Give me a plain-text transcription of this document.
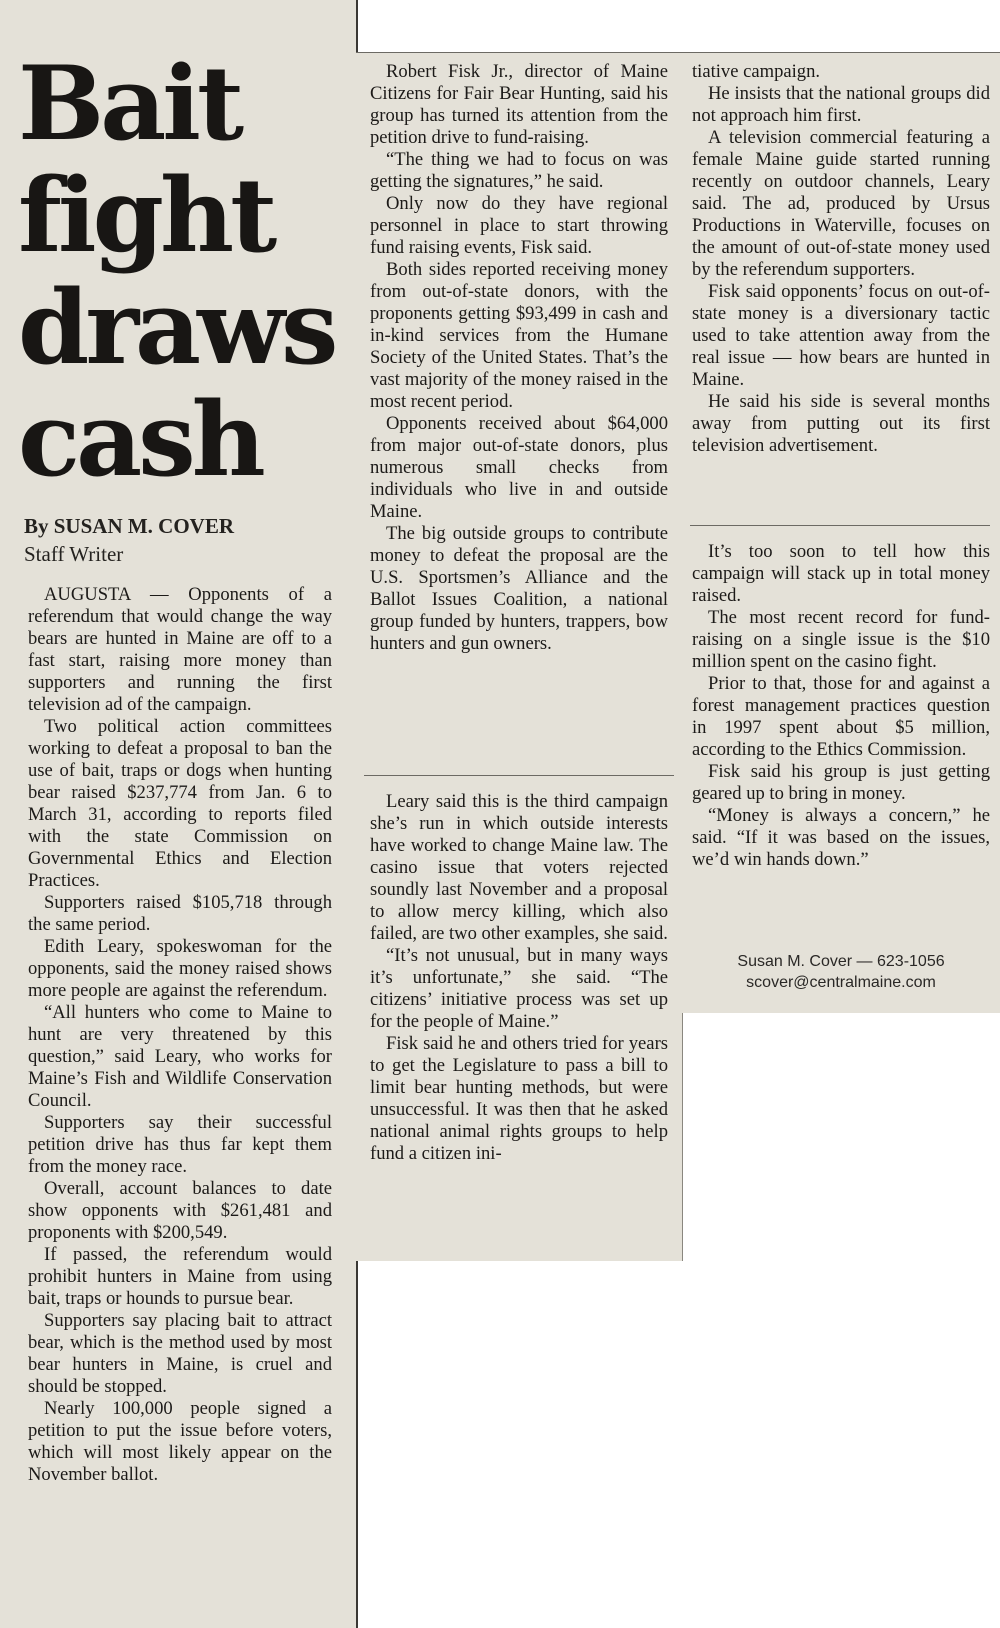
Bait fight draws cash
By SUSAN M. COVER
Staff Writer

AUGUSTA — Opponents of a referendum that would change the way bears are hunted in Maine are off to a fast start, raising more money than supporters and running the first television ad of the campaign.

Two political action committees working to defeat a proposal to ban the use of bait, traps or dogs when hunting bear raised $237,774 from Jan. 6 to March 31, according to reports filed with the state Commission on Governmental Ethics and Election Practices.

Supporters raised $105,718 through the same period.

Edith Leary, spokeswoman for the opponents, said the money raised shows more people are against the referendum.

“All hunters who come to Maine to hunt are very threatened by this question,” said Leary, who works for Maine’s Fish and Wildlife Conservation Council.

Supporters say their successful petition drive has thus far kept them from the money race.

Overall, account balances to date show opponents with $261,481 and proponents with $200,549.

If passed, the referendum would prohibit hunters in Maine from using bait, traps or hounds to pursue bear.

Supporters say placing bait to attract bear, which is the method used by most bear hunters in Maine, is cruel and should be stopped.

Nearly 100,000 people signed a petition to put the issue before voters, which will most likely appear on the November ballot.

Robert Fisk Jr., director of Maine Citizens for Fair Bear Hunting, said his group has turned its attention from the petition drive to fund-raising.

“The thing we had to focus on was getting the signatures,” he said.

Only now do they have regional personnel in place to start throwing fund raising events, Fisk said.

Both sides reported receiving money from out-of-state donors, with the proponents getting $93,499 in cash and in-kind services from the Humane Society of the United States. That’s the vast majority of the money raised in the most recent period.

Opponents received about $64,000 from major out-of-state donors, plus numerous small checks from individuals who live in and outside Maine.

The big outside groups to contribute money to defeat the proposal are the U.S. Sportsmen’s Alliance and the Ballot Issues Coalition, a national group funded by hunters, trappers, bow hunters and gun owners.

Leary said this is the third campaign she’s run in which outside interests have worked to change Maine law. The casino issue that voters rejected soundly last November and a proposal to allow mercy killing, which also failed, are two other examples, she said.

“It’s not unusual, but in many ways it’s unfortunate,” she said. “The citizens’ initiative process was set up for the people of Maine.”

Fisk said he and others tried for years to get the Legislature to pass a bill to limit bear hunting methods, but were unsuccessful. It was then that he asked national animal rights groups to help fund a citizen ini-

tiative campaign.

He insists that the national groups did not approach him first.

A television commercial featuring a female Maine guide started running recently on outdoor channels, Leary said. The ad, produced by Ursus Productions in Waterville, focuses on the amount of out-of-state money used by the referendum supporters.

Fisk said opponents’ focus on out-of-state money is a diversionary tactic used to take attention away from the real issue — how bears are hunted in Maine.

He said his side is several months away from putting out its first television advertisement.

It’s too soon to tell how this campaign will stack up in total money raised.

The most recent record for fund-raising on a single issue is the $10 million spent on the casino fight.

Prior to that, those for and against a forest management practices question in 1997 spent about $5 million, according to the Ethics Commission.

Fisk said his group is just getting geared up to bring in money.

“Money is always a concern,” he said. “If it was based on the issues, we’d win hands down.”

Susan M. Cover — 623-1056
scover@centralmaine.com
